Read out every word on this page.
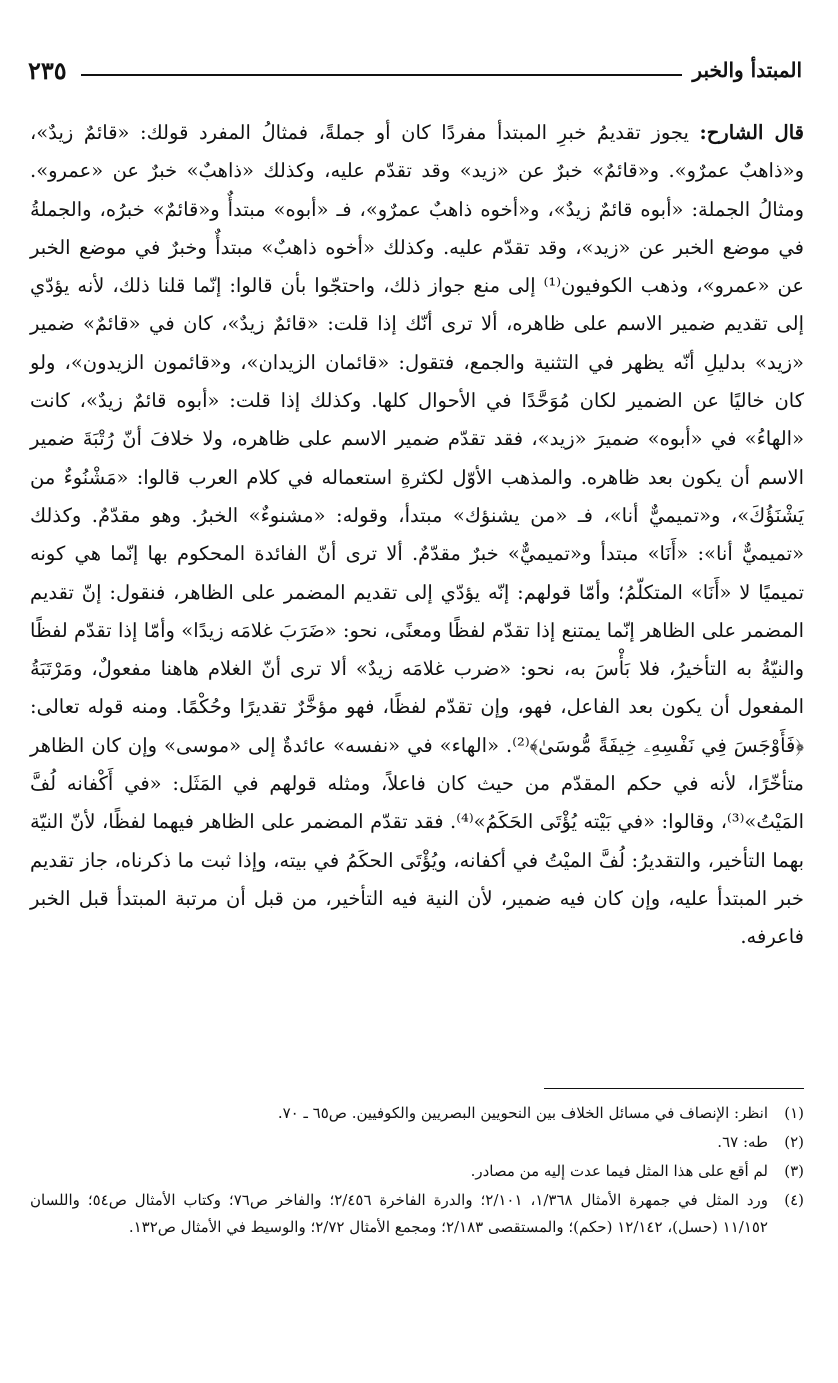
المبتدأ والخبر
٢٣٥
قال الشارح: يجوز تقديمُ خبرِ المبتدأ مفردًا كان أو جملةً، فمثالُ المفرد قولك: «قائمٌ زيدٌ»، و«ذاهبٌ عمرٌو». و«قائمٌ» خبرٌ عن «زيد» وقد تقدّم عليه، وكذلك «ذاهبٌ» خبرٌ عن «عمرو». ومثالُ الجملة: «أبوه قائمٌ زيدٌ»، و«أخوه ذاهبٌ عمرٌو»، فـ «أبوه» مبتدأٌ و«قائمٌ» خبرُه، والجملةُ في موضع الخبر عن «زيد»، وقد تقدّم عليه. وكذلك «أخوه ذاهبٌ» مبتدأٌ وخبرٌ في موضع الخبر عن «عمرو»، وذهب الكوفيون⁽¹⁾ إلى منع جواز ذلك، واحتجّوا بأن قالوا: إنّما قلنا ذلك، لأنه يؤدّي إلى تقديم ضمير الاسم على ظاهره، ألا ترى أنّك إذا قلت: «قائمٌ زيدٌ»، كان في «قائمٌ» ضمير «زيد» بدليلِ أنّه يظهر في التثنية والجمع، فتقول: «قائمان الزيدان»، و«قائمون الزيدون»، ولو كان خاليًا عن الضمير لكان مُوَحَّدًا في الأحوال كلها. وكذلك إذا قلت: «أبوه قائمٌ زيدٌ»، كانت «الهاءُ» في «أبوه» ضميرَ «زيد»، فقد تقدّم ضمير الاسم على ظاهره، ولا خلافَ أنّ رُتْبَةَ ضمير الاسم أن يكون بعد ظاهره. والمذهب الأوّل لكثرةِ استعماله في كلام العرب قالوا: «مَشْنُوءٌ من يَشْنَؤُكَ»، و«تميميٌّ أنا»، فـ «من يشنؤك» مبتدأ، وقوله: «مشنوءٌ» الخبرُ. وهو مقدّمٌ. وكذلك «تميميٌّ أنا»: «أَنَا» مبتدأ و«تميميٌّ» خبرٌ مقدّمٌ. ألا ترى أنّ الفائدة المحكوم بها إنّما هي كونه تميميًا لا «أَنَا» المتكلّمُ؛ وأمّا قولهم: إنّه يؤدّي إلى تقديم المضمر على الظاهر، فنقول: إنّ تقديم المضمر على الظاهر إنّما يمتنع إذا تقدّم لفظًا ومعنًى، نحو: «ضَرَبَ غلامَه زيدًا» وأمّا إذا تقدّم لفظًا والنيّةُ به التأخيرُ، فلا بَأْسَ به، نحو: «ضرب غلامَه زيدٌ» ألا ترى أنّ الغلام هاهنا مفعولٌ، ومَرْتَبَةُ المفعول أن يكون بعد الفاعل، فهو، وإن تقدّم لفظًا، فهو مؤخَّرٌ تقديرًا وحُكْمًا. ومنه قوله تعالى: ﴿فَأَوْجَسَ فِي نَفْسِهِۦ خِيفَةً مُّوسَىٰ﴾⁽²⁾. «الهاء» في «نفسه» عائدةٌ إلى «موسى» وإن كان الظاهر متأخّرًا، لأنه في حكم المقدّم من حيث كان فاعلاً، ومثله قولهم في المَثَل: «في أَكْفانه لُفَّ المَيْتُ»⁽³⁾، وقالوا: «في بَيْته يُؤْتَى الحَكَمُ»⁽⁴⁾. فقد تقدّم المضمر على الظاهر فيهما لفظًا، لأنّ النيّة بهما التأخير، والتقديرُ: لُفَّ الميْتُ في أكفانه، ويُؤْتَى الحكَمُ في بيته، وإذا ثبت ما ذكرناه، جاز تقديم خبر المبتدأ عليه، وإن كان فيه ضمير، لأن النية فيه التأخير، من قبل أن مرتبة المبتدأ قبل الخبر فاعرفه.
(١)
انظر: الإنصاف في مسائل الخلاف بين النحويين البصريين والكوفيين. ص٦٥ ـ ٧٠.
(٢)
طه: ٦٧.
(٣)
لم أقع على هذا المثل فيما عدت إليه من مصادر.
(٤)
ورد المثل في جمهرة الأمثال ١/٣٦٨، ٢/١٠١؛ والدرة الفاخرة ٢/٤٥٦؛ والفاخر ص٧٦؛ وكتاب الأمثال ص٥٤؛ واللسان ١١/١٥٢ (حسل)، ١٢/١٤٢ (حكم)؛ والمستقصى ٢/١٨٣؛ ومجمع الأمثال ٢/٧٢؛ والوسيط في الأمثال ص١٣٢.
